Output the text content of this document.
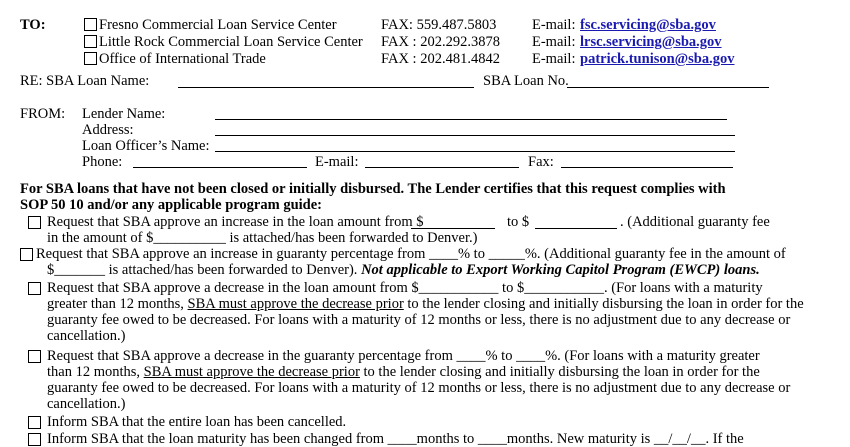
TO:	Fresno Commercial Loan Service Center	FAX: 559.487.5803 E-mail: fsc.servicing@sba.gov
Little Rock Commercial Loan Service Center FAX : 202.292.3878 E-mail: lrsc.servicing@sba.gov
Office of International Trade	FAX : 202.481.4842 E-mail: patrick.tunison@sba.gov
RE: SBA Loan Name:	SBA Loan No.
FROM: Lender Name:
Address:
Loan Officer’s Name:
Phone:	E-mail:	Fax:
For SBA loans that have not been closed or initially disbursed. The Lender certifies that this request complies with
SOP 50 10 and/or any applicable program guide:
Request that SBA approve an increase in the loan amount from $	to $	. (Additional guaranty fee
in the amount of $__________ is attached/has been forwarded to Denver.)
Request that SBA approve an increase in guaranty percentage from ____% to _____%. (Additional guaranty fee in the amount of
$_______ is attached/has been forwarded to Denver). Not applicable to Export Working Capitol Program (EWCP) loans.
Request that SBA approve a decrease in the loan amount from $___________ to $___________. (For loans with a maturity
greater than 12 months, SBA must approve the decrease prior to the lender closing and initially disbursing the loan in order for the
guaranty fee owed to be decreased. For loans with a maturity of 12 months or less, there is no adjustment due to any decrease or
cancellation.)
Request that SBA approve a decrease in the guaranty percentage from ____% to ____%. (For loans with a maturity greater
than 12 months, SBA must approve the decrease prior to the lender closing and initially disbursing the loan in order for the
guaranty fee owed to be decreased. For loans with a maturity of 12 months or less, there is no adjustment due to any decrease or
cancellation.)
Inform SBA that the entire loan has been cancelled.
Inform SBA that the loan maturity has been changed from ____months to ____months. New maturity is __/__/__. If the
